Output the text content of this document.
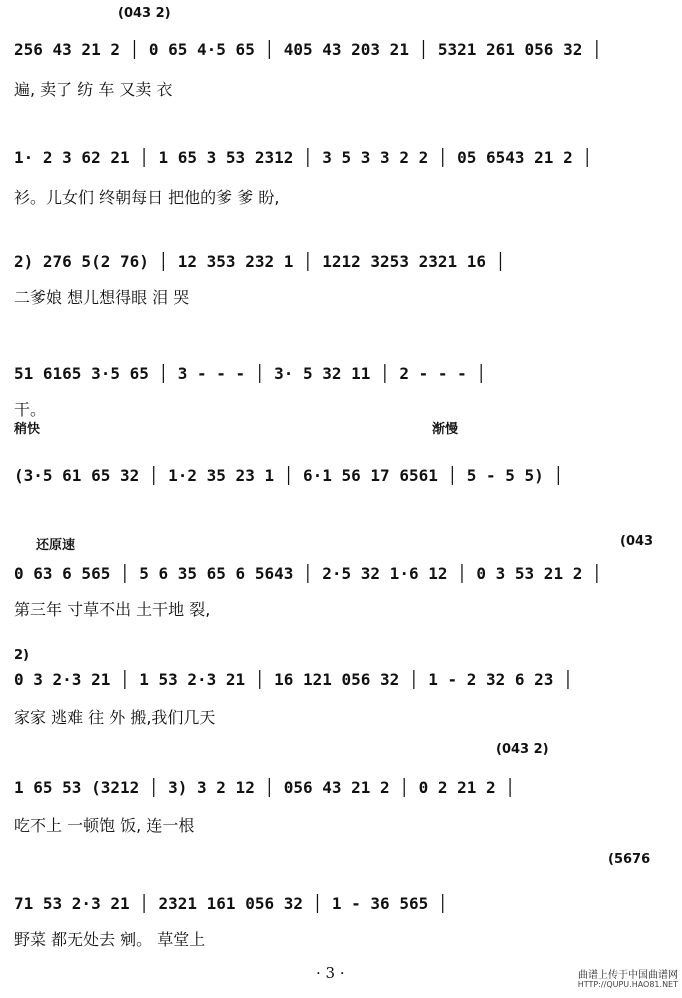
(043 2)
256 43 21 2 │ 0 65 4·5 65 │ 405 43 203 21 │ 5321 261 056 32 │
遍, 卖了 纺 车 又卖 衣
1· 2 3 62 21 │ 1 65 3 53 2312 │ 3 5 3 3 2 2 │ 05 6543 21 2 │
衫。儿女们 终朝每日 把他的爹 爹 盼,
2) 276 5(2 76) │ 12 353 232 1 │ 1212 3253 2321 16 │
二爹娘 想儿想得眼 泪 哭
51 6165 3·5 65 │ 3 - - - │ 3· 5 32 11 │ 2 - - - │
干。
稍快	渐慢
(3·5 61 65 32 │ 1·2 35 23 1 │ 6·1 56 17 6561 │ 5 - 5 5) │
还原速	(043
0 63 6 565 │ 5 6 35 65 6 5643 │ 2·5 32 1·6 12 │ 0 3 53 21 2 │
第三年 寸草不出 土干地 裂,
2)
0 3 2·3 21 │ 1 53 2·3 21 │ 16 121 056 32 │ 1 - 2 32 6 23 │
家家 逃难 往 外 搬,我们几天
(043 2)
1 65 53 (3212 │ 3) 3 2 12 │ 056 43 21 2 │ 0 2 21 2 │
吃不上 一顿饱 饭, 连一根
(5676
71 53 2·3 21 │ 2321 161 056 32 │ 1 - 36 565 │
野菜 都无处去 剜。 草堂上
· 3 ·	曲谱上传于中国曲谱网
HTTP://QUPU.HAO81.NET
